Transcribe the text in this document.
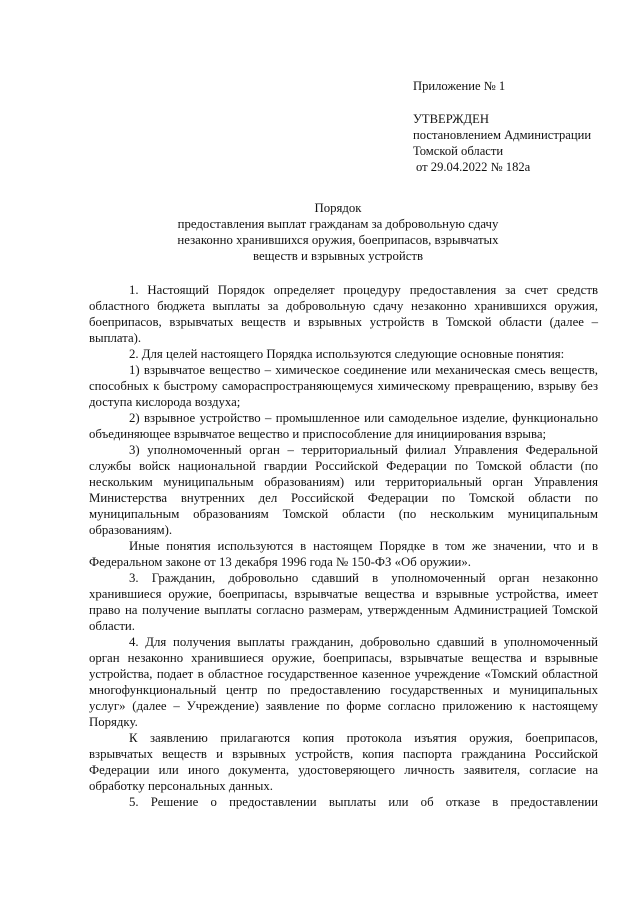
Приложение № 1
УТВЕРЖДЕН
постановлением Администрации
Томской области
от 29.04.2022 № 182а
Порядок
предоставления выплат гражданам за добровольную сдачу
незаконно хранившихся оружия, боеприпасов, взрывчатых
веществ и взрывных устройств

1. Настоящий Порядок определяет процедуру предоставления за счет средств областного бюджета выплаты за добровольную сдачу незаконно хранившихся оружия, боеприпасов, взрывчатых веществ и взрывных устройств в Томской области (далее – выплата).

2. Для целей настоящего Порядка используются следующие основные понятия:

1) взрывчатое вещество – химическое соединение или механическая смесь веществ, способных к быстрому самораспространяющемуся химическому превращению, взрыву без доступа кислорода воздуха;

2) взрывное устройство – промышленное или самодельное изделие, функционально объединяющее взрывчатое вещество и приспособление для инициирования взрыва;

3) уполномоченный орган – территориальный филиал Управления Федеральной службы войск национальной гвардии Российской Федерации по Томской области (по нескольким муниципальным образованиям) или территориальный орган Управления Министерства внутренних дел Российской Федерации по Томской области по муниципальным образованиям Томской области (по нескольким муниципальным образованиям).

Иные понятия используются в настоящем Порядке в том же значении, что и в Федеральном законе от 13 декабря 1996 года № 150-ФЗ «Об оружии».

3. Гражданин, добровольно сдавший в уполномоченный орган незаконно хранившиеся оружие, боеприпасы, взрывчатые вещества и взрывные устройства, имеет право на получение выплаты согласно размерам, утвержденным Администрацией Томской области.

4. Для получения выплаты гражданин, добровольно сдавший в уполномоченный орган незаконно хранившиеся оружие, боеприпасы, взрывчатые вещества и взрывные устройства, подает в областное государственное казенное учреждение «Томский областной многофункциональный центр по предоставлению государственных и муниципальных услуг» (далее – Учреждение) заявление по форме согласно приложению к настоящему Порядку.

К заявлению прилагаются копия протокола изъятия оружия, боеприпасов, взрывчатых веществ и взрывных устройств, копия паспорта гражданина Российской Федерации или иного документа, удостоверяющего личность заявителя, согласие на обработку персональных данных.

5. Решение о предоставлении выплаты или об отказе в предоставлении
